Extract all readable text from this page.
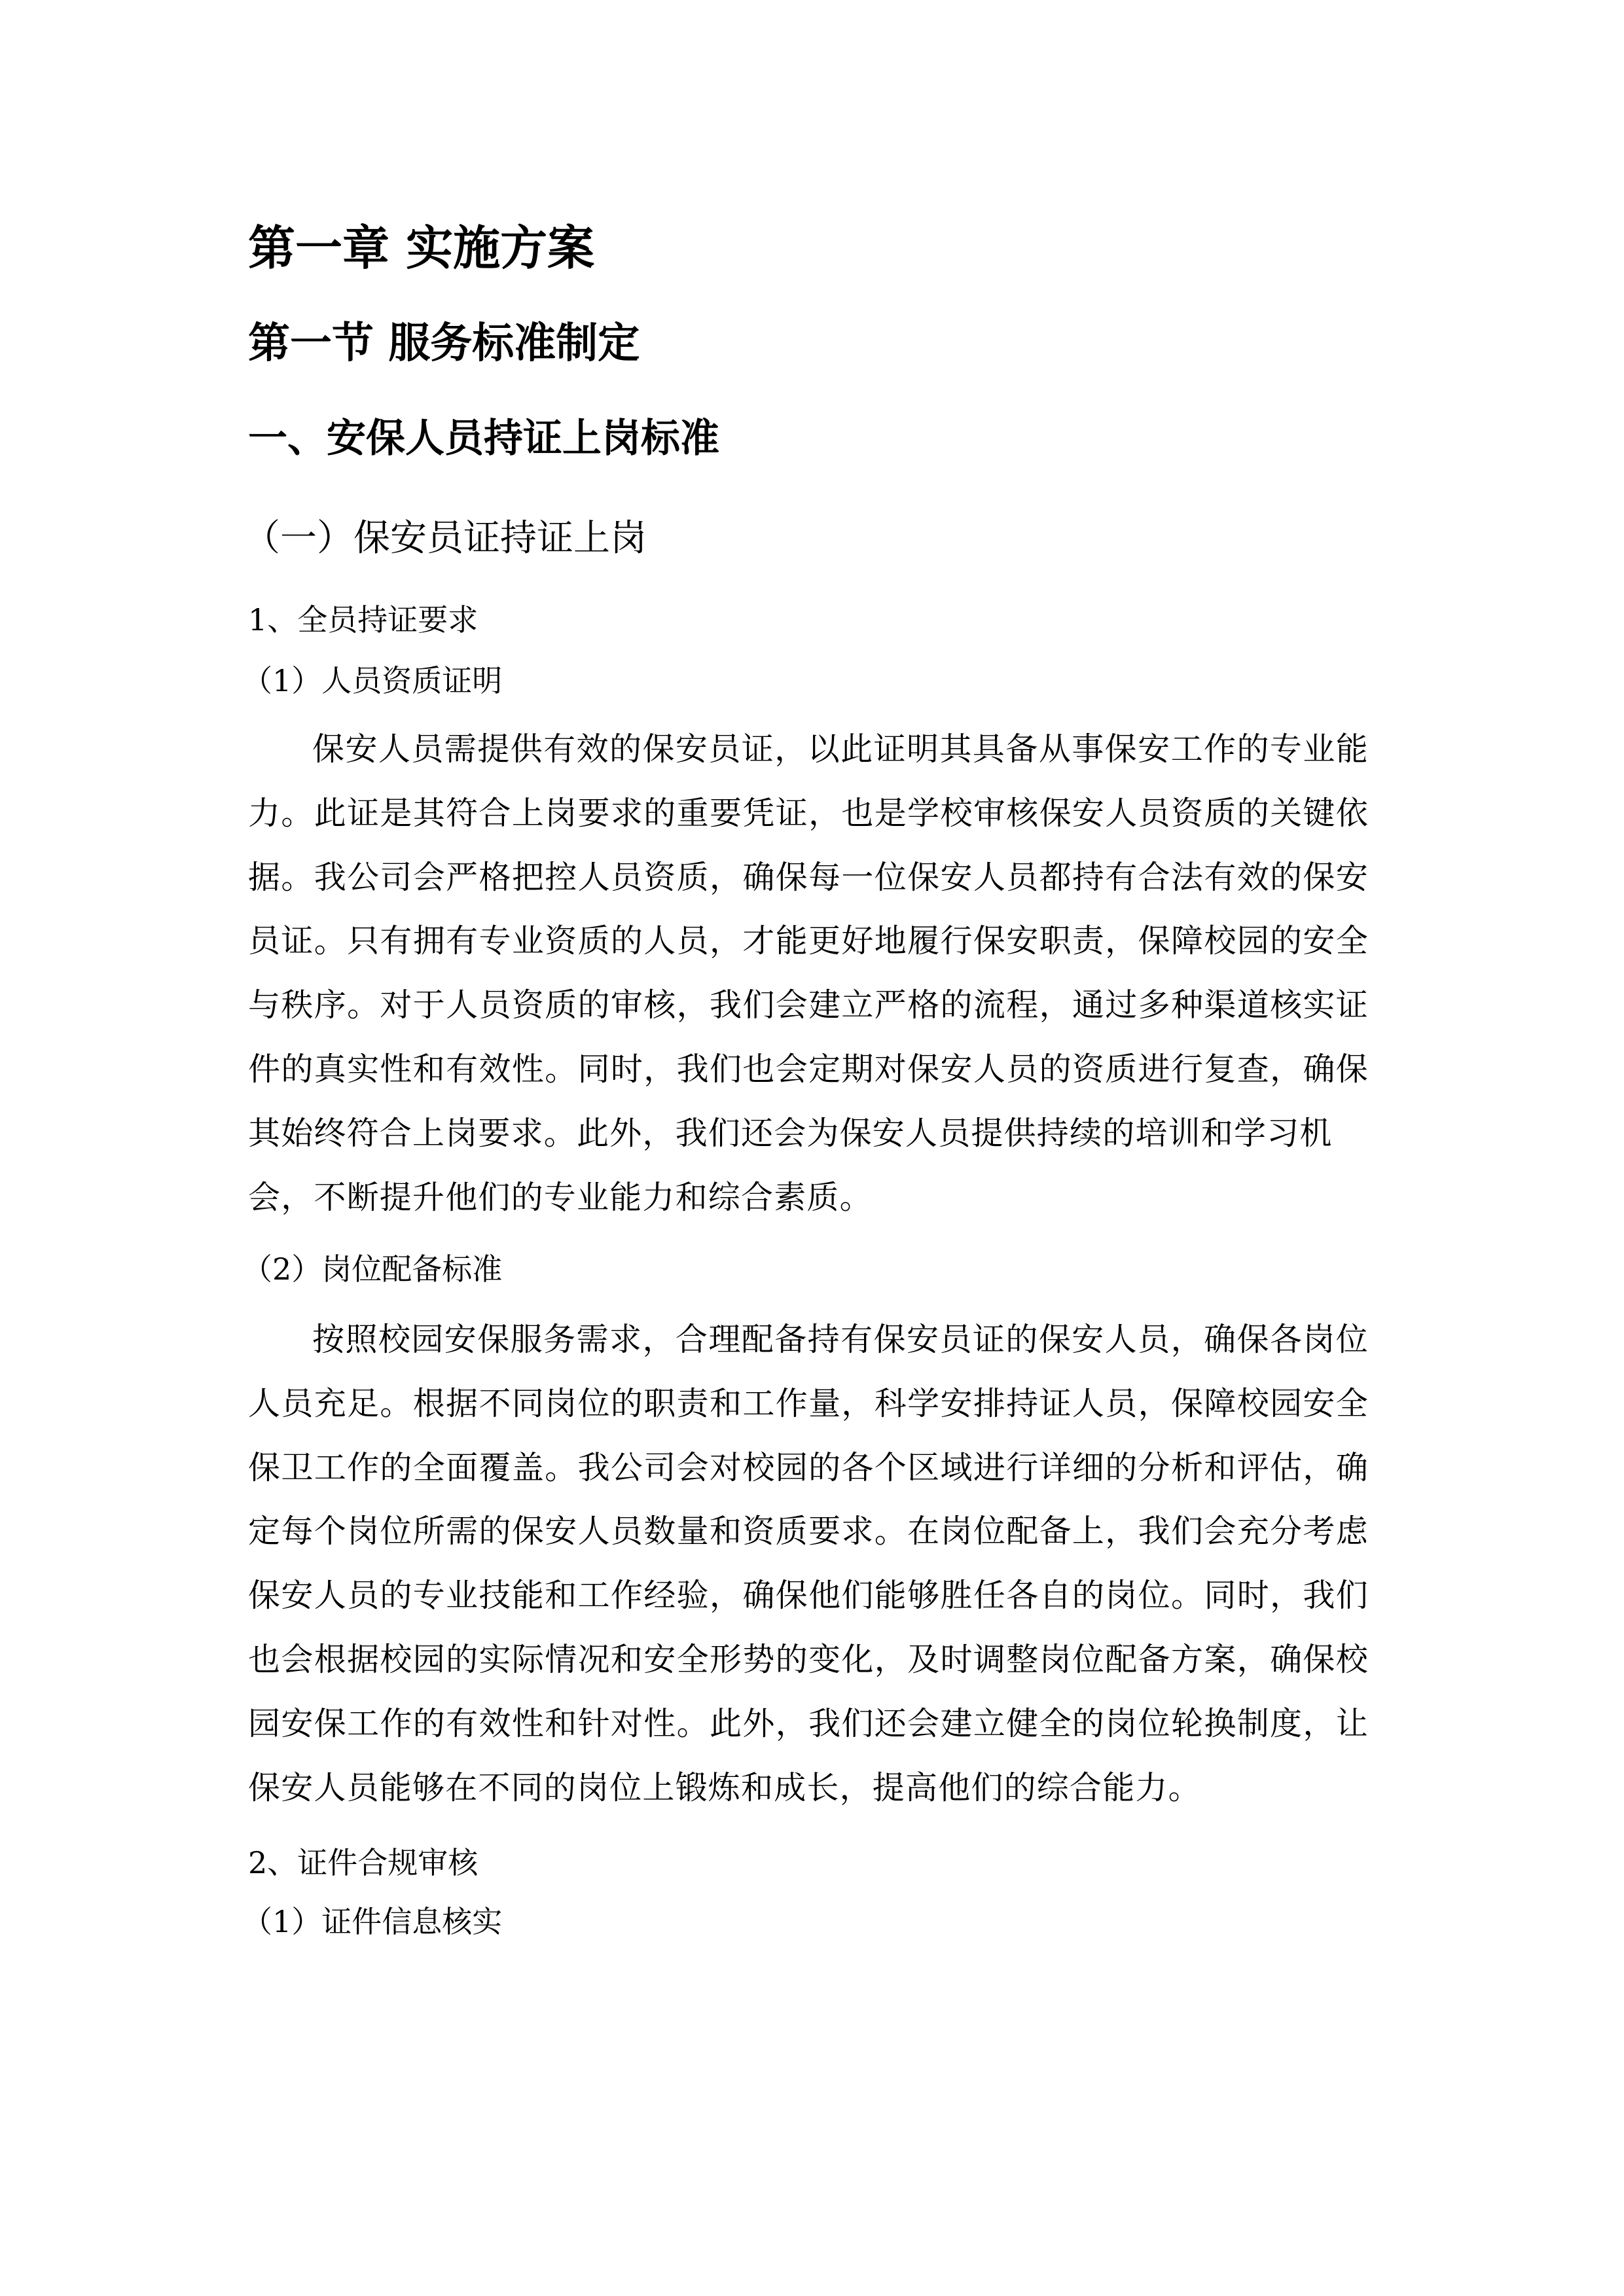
第一章 实施方案
第一节 服务标准制定
一、安保人员持证上岗标准
（一）保安员证持证上岗
1、全员持证要求
（1）人员资质证明
保安人员需提供有效的保安员证，以此证明其具备从事保安工作的专业能
力。此证是其符合上岗要求的重要凭证，也是学校审核保安人员资质的关键依
据。我公司会严格把控人员资质，确保每一位保安人员都持有合法有效的保安
员证。只有拥有专业资质的人员，才能更好地履行保安职责，保障校园的安全
与秩序。对于人员资质的审核，我们会建立严格的流程，通过多种渠道核实证
件的真实性和有效性。同时，我们也会定期对保安人员的资质进行复查，确保
其始终符合上岗要求。此外，我们还会为保安人员提供持续的培训和学习机
会，不断提升他们的专业能力和综合素质。
（2）岗位配备标准
按照校园安保服务需求，合理配备持有保安员证的保安人员，确保各岗位
人员充足。根据不同岗位的职责和工作量，科学安排持证人员，保障校园安全
保卫工作的全面覆盖。我公司会对校园的各个区域进行详细的分析和评估，确
定每个岗位所需的保安人员数量和资质要求。在岗位配备上，我们会充分考虑
保安人员的专业技能和工作经验，确保他们能够胜任各自的岗位。同时，我们
也会根据校园的实际情况和安全形势的变化，及时调整岗位配备方案，确保校
园安保工作的有效性和针对性。此外，我们还会建立健全的岗位轮换制度，让
保安人员能够在不同的岗位上锻炼和成长，提高他们的综合能力。
2、证件合规审核
（1）证件信息核实
